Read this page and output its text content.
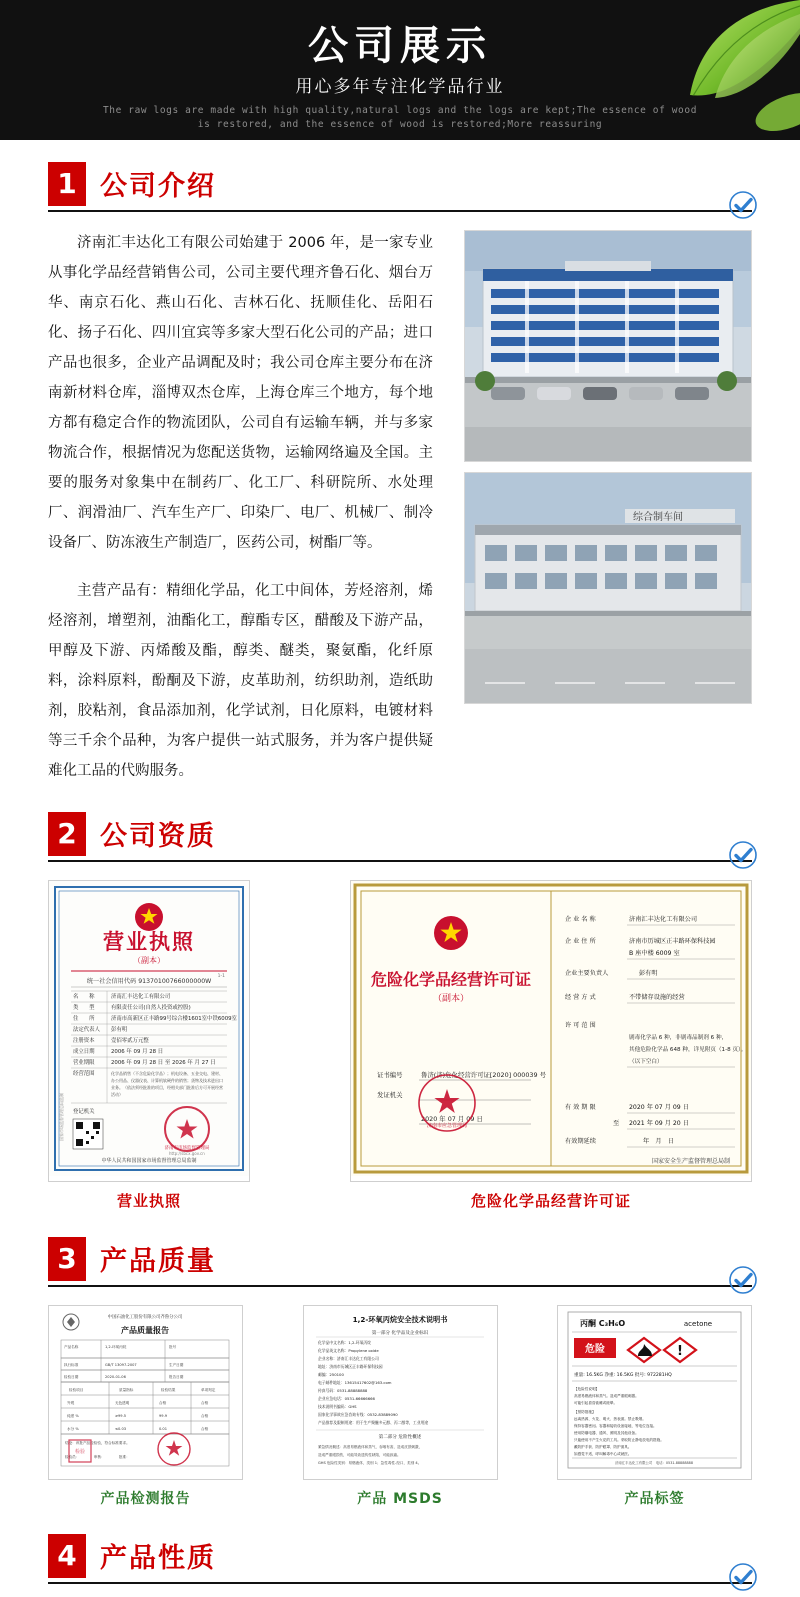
公司展示
用心多年专注化学品行业
The raw logs are made with high quality,natural logs and the logs are kept;The essence of wood
is restored, and the essence of wood is restored;More reassuring
1 公司介绍

济南汇丰达化工有限公司始建于 2006 年，是一家专业从事化学品经营销售公司，公司主要代理齐鲁石化、烟台万华、南京石化、燕山石化、吉林石化、抚顺佳化、岳阳石化、扬子石化、四川宜宾等多家大型石化公司的产品；进口产品也很多，企业产品调配及时；我公司仓库主要分布在济南新材料仓库，淄博双杰仓库，上海仓库三个地方，每个地方都有稳定合作的物流团队，公司自有运输车辆，并与多家物流合作，根据情况为您配送货物，运输网络遍及全国。主要的服务对象集中在制药厂、化工厂、科研院所、水处理厂、润滑油厂、汽车生产厂、印染厂、电厂、机械厂、制冷设备厂、防冻液生产制造厂，医药公司，树酯厂等。

主营产品有：精细化学品，化工中间体，芳烃溶剂，烯烃溶剂，增塑剂，油酯化工，醇酯专区，醋酸及下游产品，甲醇及下游、丙烯酸及酯，醇类、醚类，聚氨酯，化纤原料，涂料原料，酚酮及下游，皮革助剂，纺织助剂，造纸助剂，胶粘剂，食品添加剂，化学试剂，日化原料，电镀材料等三千余个品种，为客户提供一站式服务，并为客户提供疑难化工品的代购服务。

综合制车间
2 公司资质
营业执照
（副本）
统一社会信用代码 91370100766000000W
1-1
名　　称	济南汇丰达化工有限公司
类　　型	有限责任公司(自然人投资或控股)
住　　所	济南市高新区正丰路99号综合楼1601室中铁6009室
法定代表人 彭有明
注册资本	壹佰零贰万元整
成立日期	2006 年 09 月 28 日
营业期限	2006 年 09 月 28 日 至 2026 年 月 27 日
经营范围	化学品销售（不含危险化学品）；机电设备、五金交电、建材、
办公用品、仪器仪表、计算机软硬件的销售；货物及技术进出口
业务。（依法须经批准的项目，经相关部门批准后方可开展经营
活动）
登记机关
济南市市场监督管理局
中华人民共和国国家市场监督管理总局监制
国家市场监督管理总局监制
http://sbcx.gov.cn
营业执照
危险化学品经营许可证
（副本）
证书编号	鲁济(济)危化经营许可证[2020] 000039 号
发证机关
2020 年 07 月 09 日
济南市应急管理局
企 业 名 称	济南汇丰达化工有限公司
企 业 住 所	济南市历城区正丰路环保科技园
B 座中楼 6009 室
企业主要负责人	彭有明
经 营 方 式	不带储存设施的经营
许 可 范 围
剧毒化学品 6 种，非剧毒品制剂 6 种，
其他危险化学品 648 种，详见附页（1-8 页）。
（以下空白）
有 效 期 限	2020 年 07 月 09 日
至 2021 年 09 月 20 日
有效期延续	年　月　日
国家安全生产监督管理总局制
危险化学品经营许可证
3 产品质量
中国石油化工股份有限公司齐鲁分公司
产品质量报告
产品名称	1,2-环氧丙烷	批号
执行标准	GB/T 13097-2007	生产日期
检验日期	2020-01-06	报告日期
检验项目	质量指标	检验结果	单项判定
外观	无色透明	合格	合格
纯度 %	≥99.5	99.9	合格
水分 %	≤0.03	0.01	合格
结论：该批产品经检验，符合标准要求。
检验员：　　　　审核：　　　　批准：
检验
产品检测报告
1,2-环氧丙烷安全技术说明书
第一部分 化学品及企业标识
化学品中文名称：1,2-环氧丙烷
化学品英文名称：Propylene oxide
企业名称：济南汇丰达化工有限公司
地址：济南市历城区正丰路环保科技园
邮编：250100
电子邮件地址：13615417602@163.com
传真号码：0531-88888888
企业应急电话：0531-66666666
技术说明书编码：GHS
国家化学事故应急咨询专线：0532-83889090
产品推荐及限制用途：用于生产聚醚多元醇、丙二醇等，工业用途
第二部分 危险性概述
紧急情况概述：高度易燃液体和蒸气，吞咽有害，造成皮肤刺激，
造成严重眼损伤，可能导致遗传性缺陷，可能致癌。
GHS 危险性类别：易燃液体，类别 1；急性毒性-经口，类别 4。
产品 MSDS
丙酮 C₃H₆O	acetone
危险	!
重量: 16.5KG 净重: 16.5KG 批号: 972281HQ
【危险性说明】
高度易燃液体和蒸气。造成严重眼刺激。
可能引起昏昏欲睡或眩晕。
【预防措施】
远离热源、火花、明火、热表面。禁止吸烟。
保持容器密闭。容器和接收设备接地、等电位连接。
使用防爆电器、通风、照明及其他设备。
只能使用不产生火花的工具。采取防止静电放电的措施。
戴防护手套、防护眼罩、防护面具。
如感觉不适，呼叫解毒中心或就医。
济南汇丰达化工有限公司　电话：0531-88888888
产品标签
4 产品性质
